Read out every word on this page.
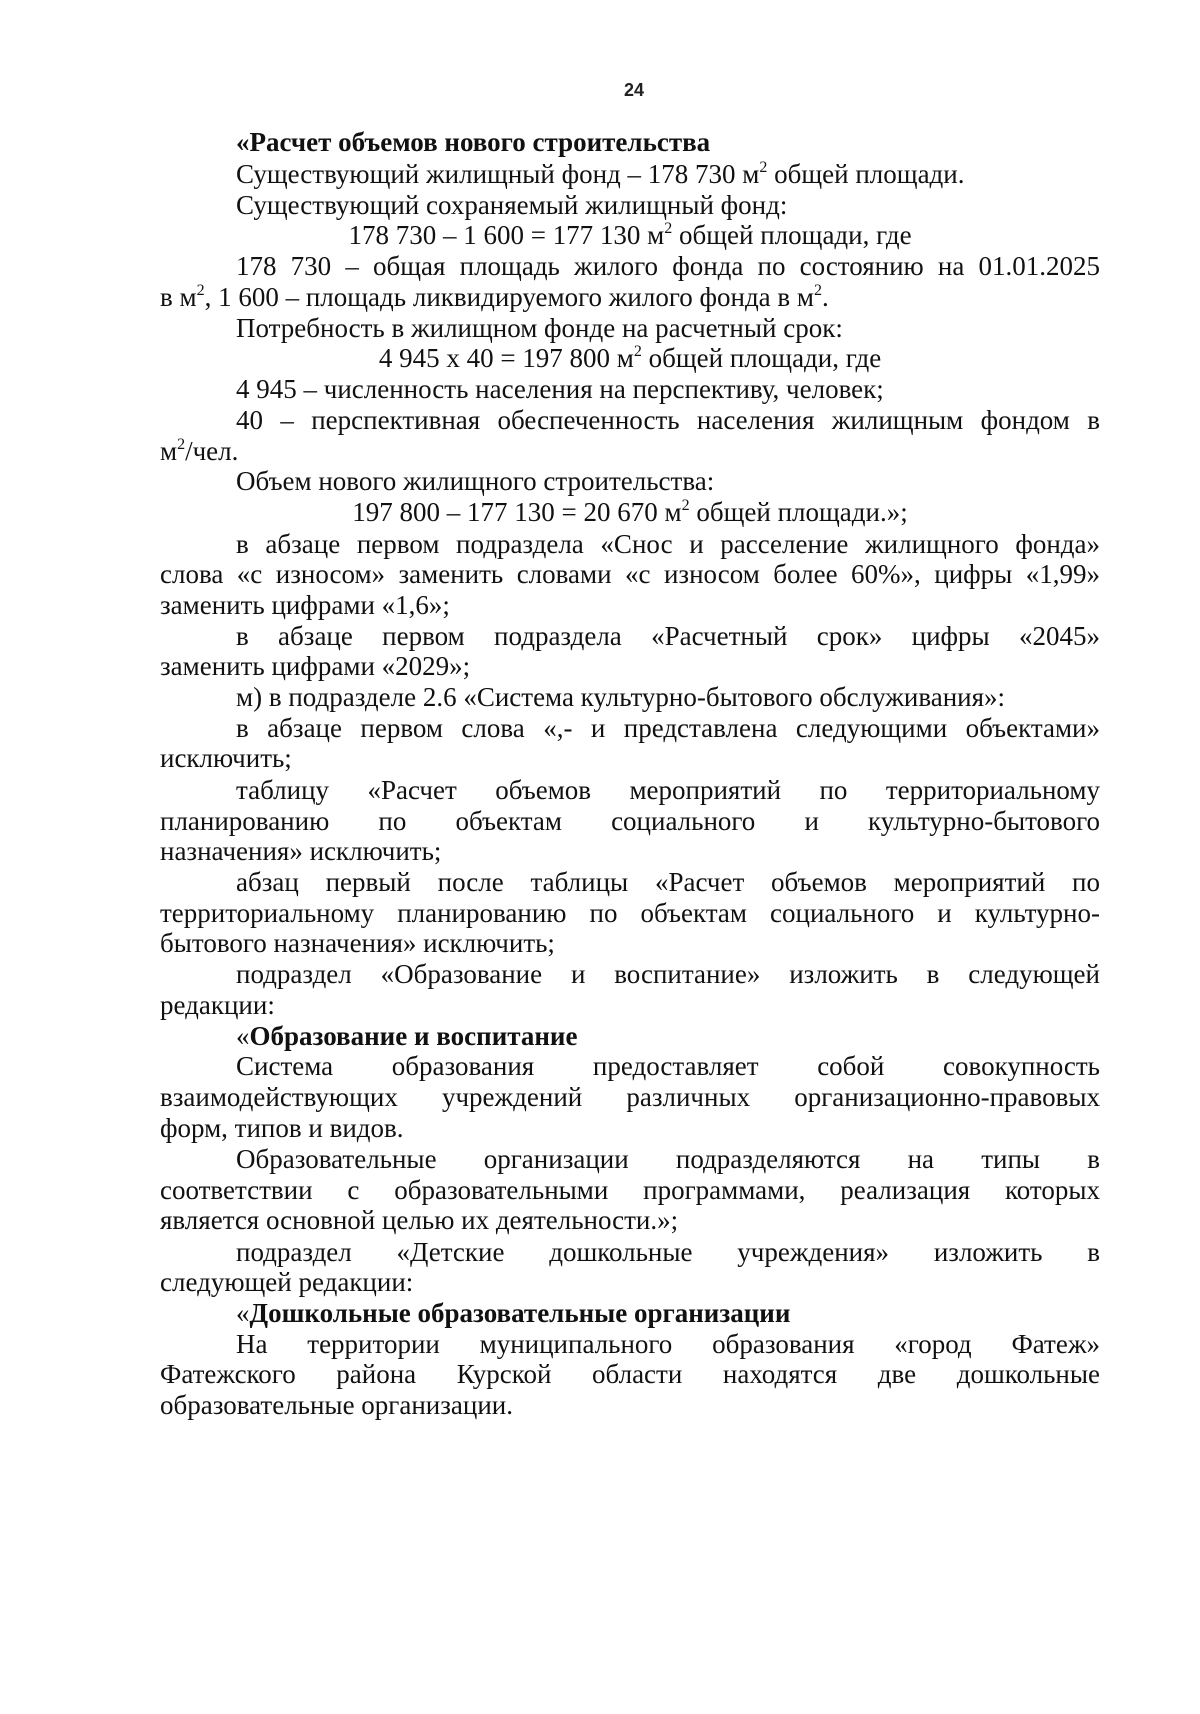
24
«Расчет объемов нового строительства
Существующий жилищный фонд – 178 730 $м^2$ общей площади.
Существующий сохраняемый жилищный фонд:
178 730 – 1 600 = 177 130 $м^2$ общей площади, где
178 730 – общая площадь жилого фонда по состоянию на 01.01.2025
в $м^2$, 1 600 – площадь ликвидируемого жилого фонда в $м^2$.
Потребность в жилищном фонде на расчетный срок:
4 945 х 40 = 197 800 $м^2$ общей площади, где
4 945 – численность населения на перспективу, человек;
40 – перспективная обеспеченность населения жилищным фондом в
$м^2$/чел.
Объем нового жилищного строительства:
197 800 – 177 130 = 20 670 $м^2$ общей площади.»;
в абзаце первом подраздела «Снос и расселение жилищного фонда»
слова «с износом» заменить словами «с износом более 60%», цифры «1,99»
заменить цифрами «1,6»;
в абзаце первом подраздела «Расчетный срок» цифры «2045»
заменить цифрами «2029»;
м) в подразделе 2.6 «Система культурно-бытового обслуживания»:
в абзаце первом слова «,- и представлена следующими объектами»
исключить;
таблицу «Расчет объемов мероприятий по территориальному
планированию по объектам социального и культурно-бытового
назначения» исключить;
абзац первый после таблицы «Расчет объемов мероприятий по
территориальному планированию по объектам социального и культурно-
бытового назначения» исключить;
подраздел «Образование и воспитание» изложить в следующей
редакции:
«Образование и воспитание
Система образования предоставляет собой совокупность
взаимодействующих учреждений различных организационно-правовых
форм, типов и видов.
Образовательные организации подразделяются на типы в
соответствии с образовательными программами, реализация которых
является основной целью их деятельности.»;
подраздел «Детские дошкольные учреждения» изложить в
следующей редакции:
«Дошкольные образовательные организации
На территории муниципального образования «город Фатеж»
Фатежского района Курской области находятся две дошкольные
образовательные организации.
